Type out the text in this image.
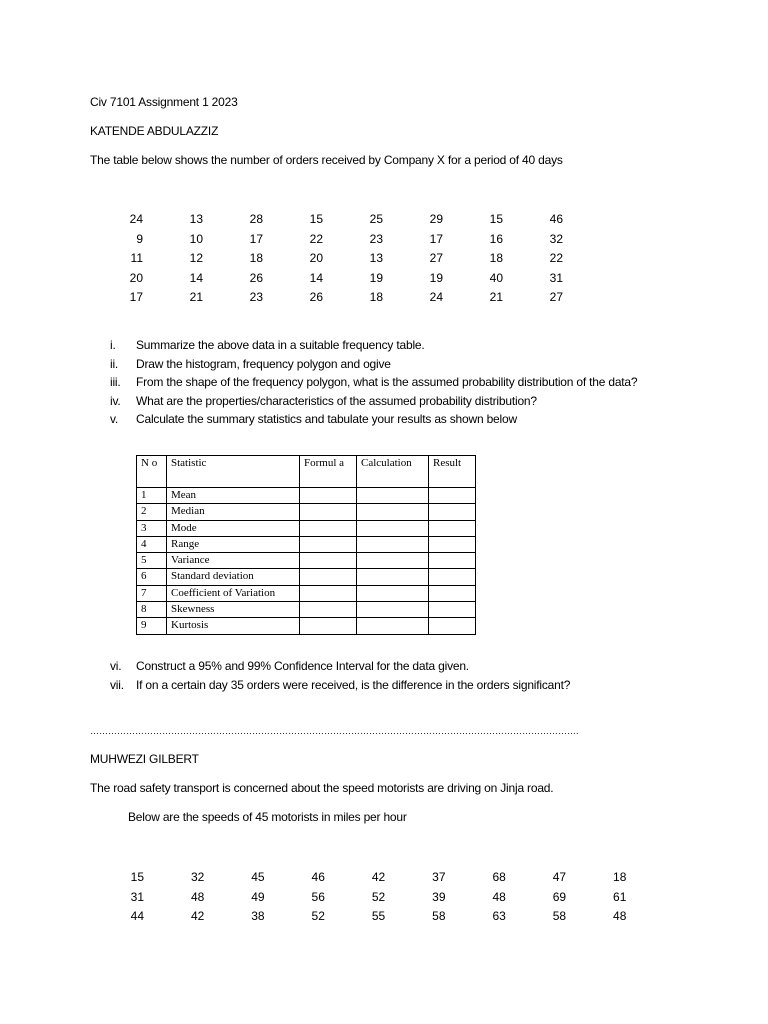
Civ 7101 Assignment 1 2023
KATENDE ABDULAZZIZ
The table below shows the number of orders received by Company X for a period of 40 days
24	13	28	15	25	29	15	46
9	10	17	22	23	17	16	32
11	12	18	20	13	27	18	22
20	14	26	14	19	19	40	31
17	21	23	26	18	24	21	27
i.	Summarize the above data in a suitable frequency table.
ii.	Draw the histogram, frequency polygon and ogive
iii.	From the shape of the frequency polygon, what is the assumed probability distribution of the data?
iv.	What are the properties/characteristics of the assumed probability distribution?
v.	Calculate the summary statistics and tabulate your results as shown below
N o	Statistic	Formul a	Calculation	Result
1	Mean			
2	Median			
3	Mode			
4	Range			
5	Variance			
6	Standard deviation			
7	Coefficient of Variation			
8	Skewness			
9	Kurtosis			
vi.	Construct a 95% and 99% Confidence Interval for the data given.
vii.	If on a certain day 35 orders were received, is the difference in the orders significant?
……………………………………………………………………………………………………………………………………………….
MUHWEZI GILBERT
The road safety transport is concerned about the speed motorists are driving on Jinja road.
Below are the speeds of 45 motorists in miles per hour
15	32	45	46	42	37	68	47	18
31	48	49	56	52	39	48	69	61
44	42	38	52	55	58	63	58	48
